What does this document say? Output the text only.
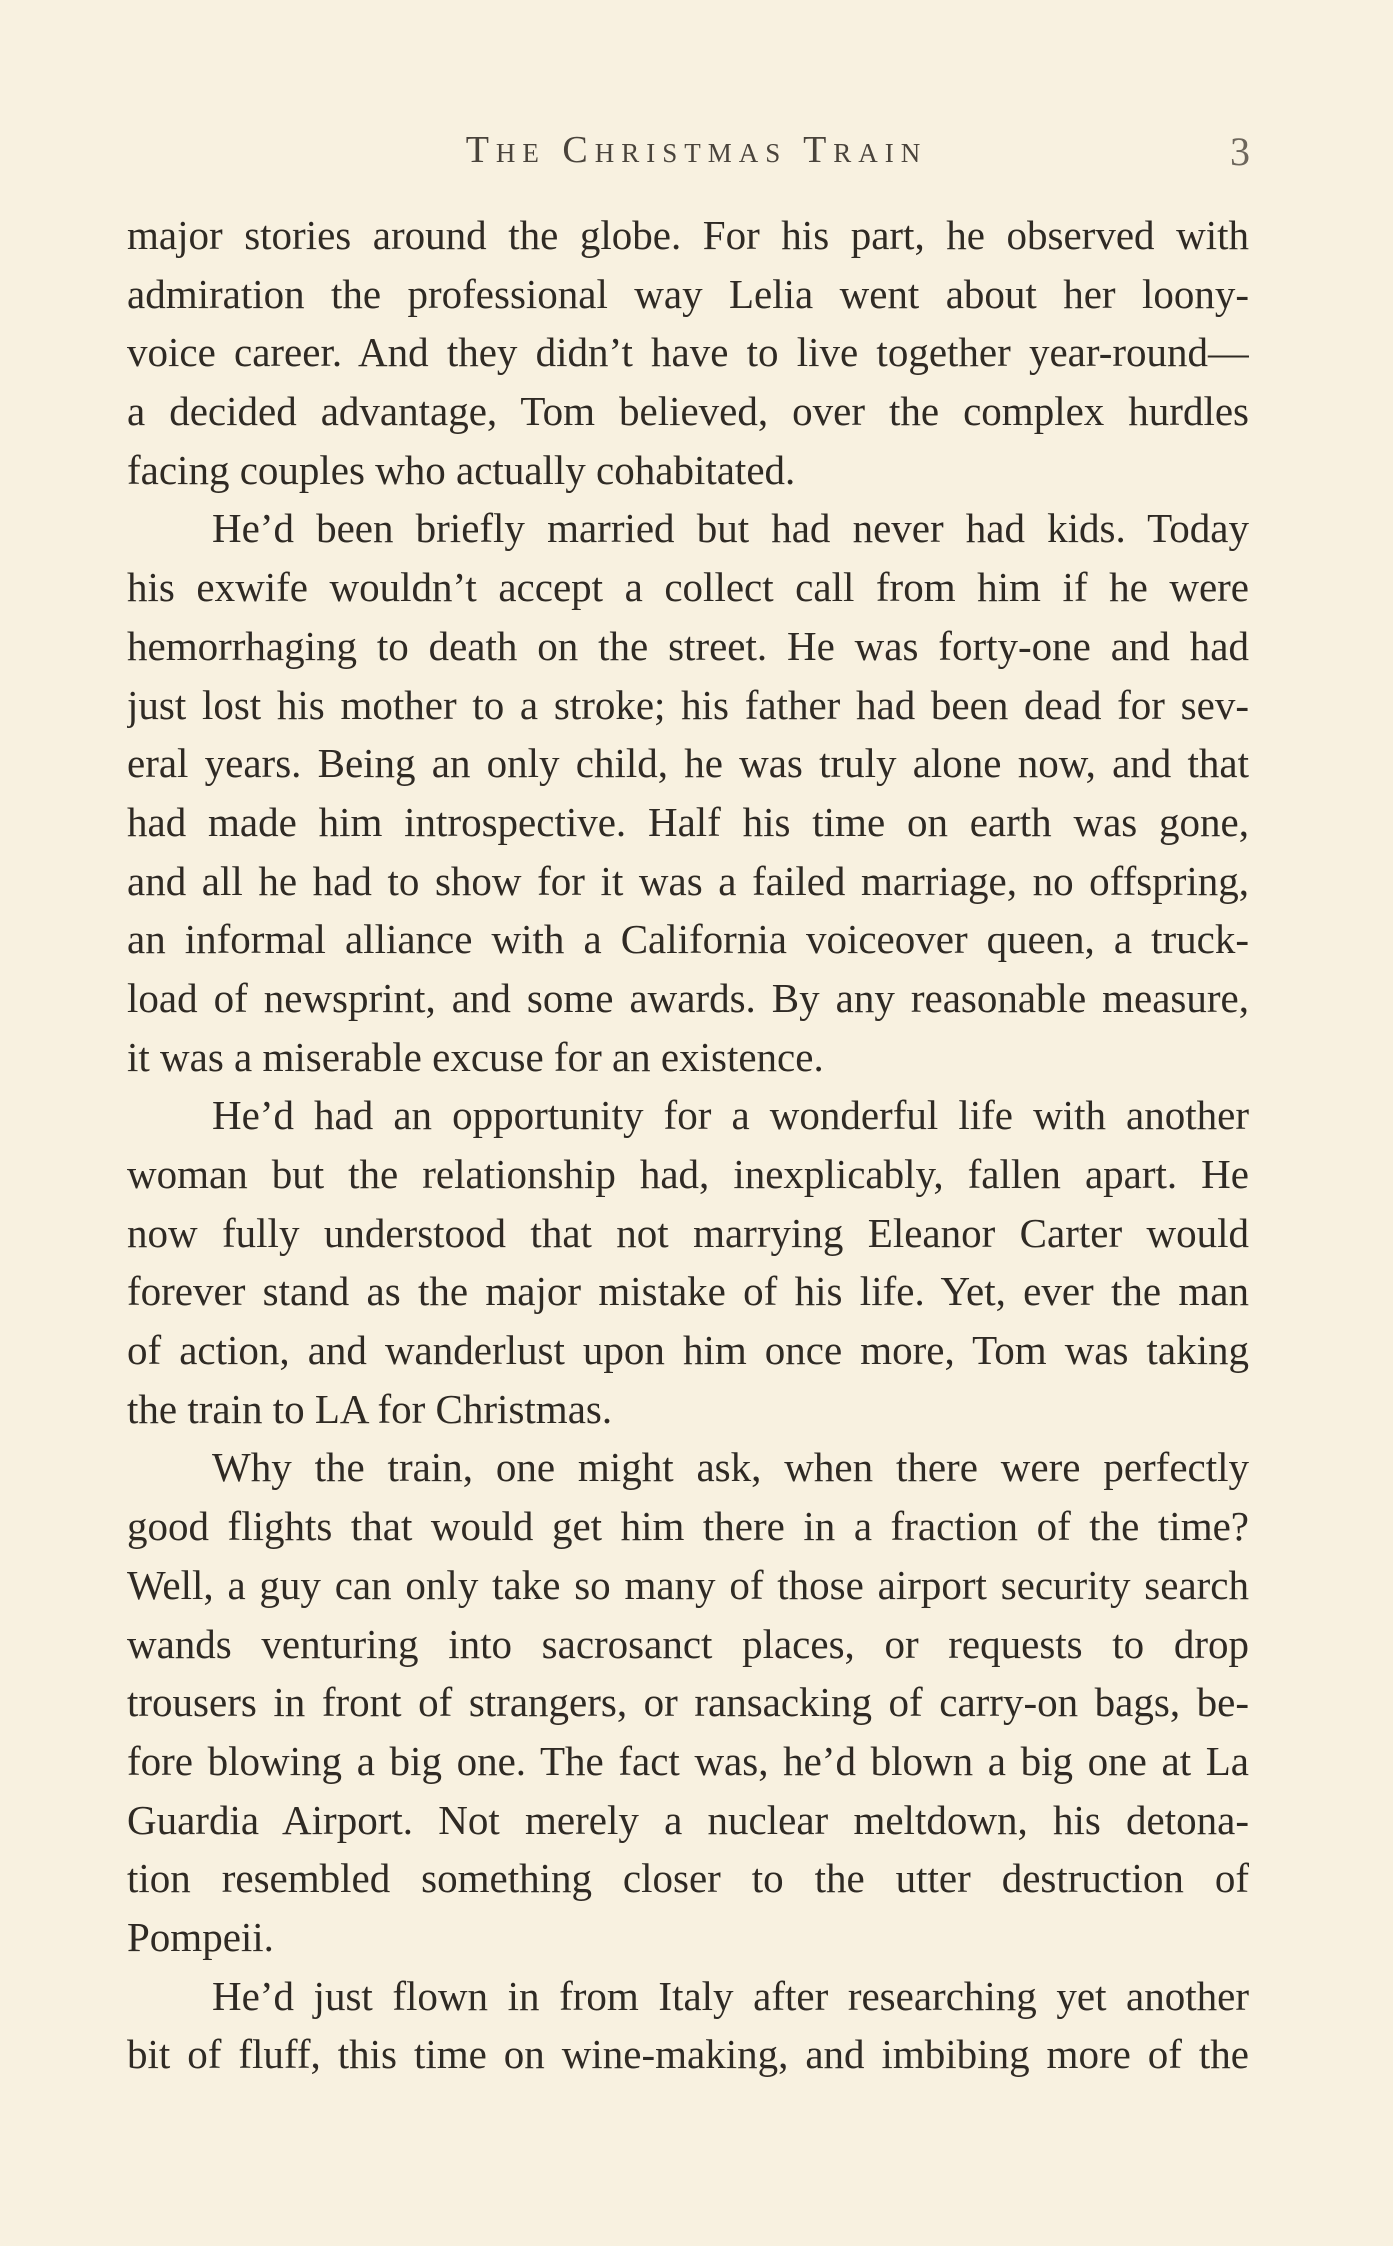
The Christmas Train	3
major stories around the globe. For his part, he observed with
admiration the professional way Lelia went about her loony-
voice career. And they didn’t have to live together year-round—
a decided advantage, Tom believed, over the complex hurdles
facing couples who actually cohabitated.
He’d been briefly married but had never had kids. Today
his exwife wouldn’t accept a collect call from him if he were
hemorrhaging to death on the street. He was forty-one and had
just lost his mother to a stroke; his father had been dead for sev-
eral years. Being an only child, he was truly alone now, and that
had made him introspective. Half his time on earth was gone,
and all he had to show for it was a failed marriage, no offspring,
an informal alliance with a California voiceover queen, a truck-
load of newsprint, and some awards. By any reasonable measure,
it was a miserable excuse for an existence.
He’d had an opportunity for a wonderful life with another
woman but the relationship had, inexplicably, fallen apart. He
now fully understood that not marrying Eleanor Carter would
forever stand as the major mistake of his life. Yet, ever the man
of action, and wanderlust upon him once more, Tom was taking
the train to LA for Christmas.
Why the train, one might ask, when there were perfectly
good flights that would get him there in a fraction of the time?
Well, a guy can only take so many of those airport security search
wands venturing into sacrosanct places, or requests to drop
trousers in front of strangers, or ransacking of carry-on bags, be-
fore blowing a big one. The fact was, he’d blown a big one at La
Guardia Airport. Not merely a nuclear meltdown, his detona-
tion resembled something closer to the utter destruction of
Pompeii.
He’d just flown in from Italy after researching yet another
bit of fluff, this time on wine-making, and imbibing more of the
